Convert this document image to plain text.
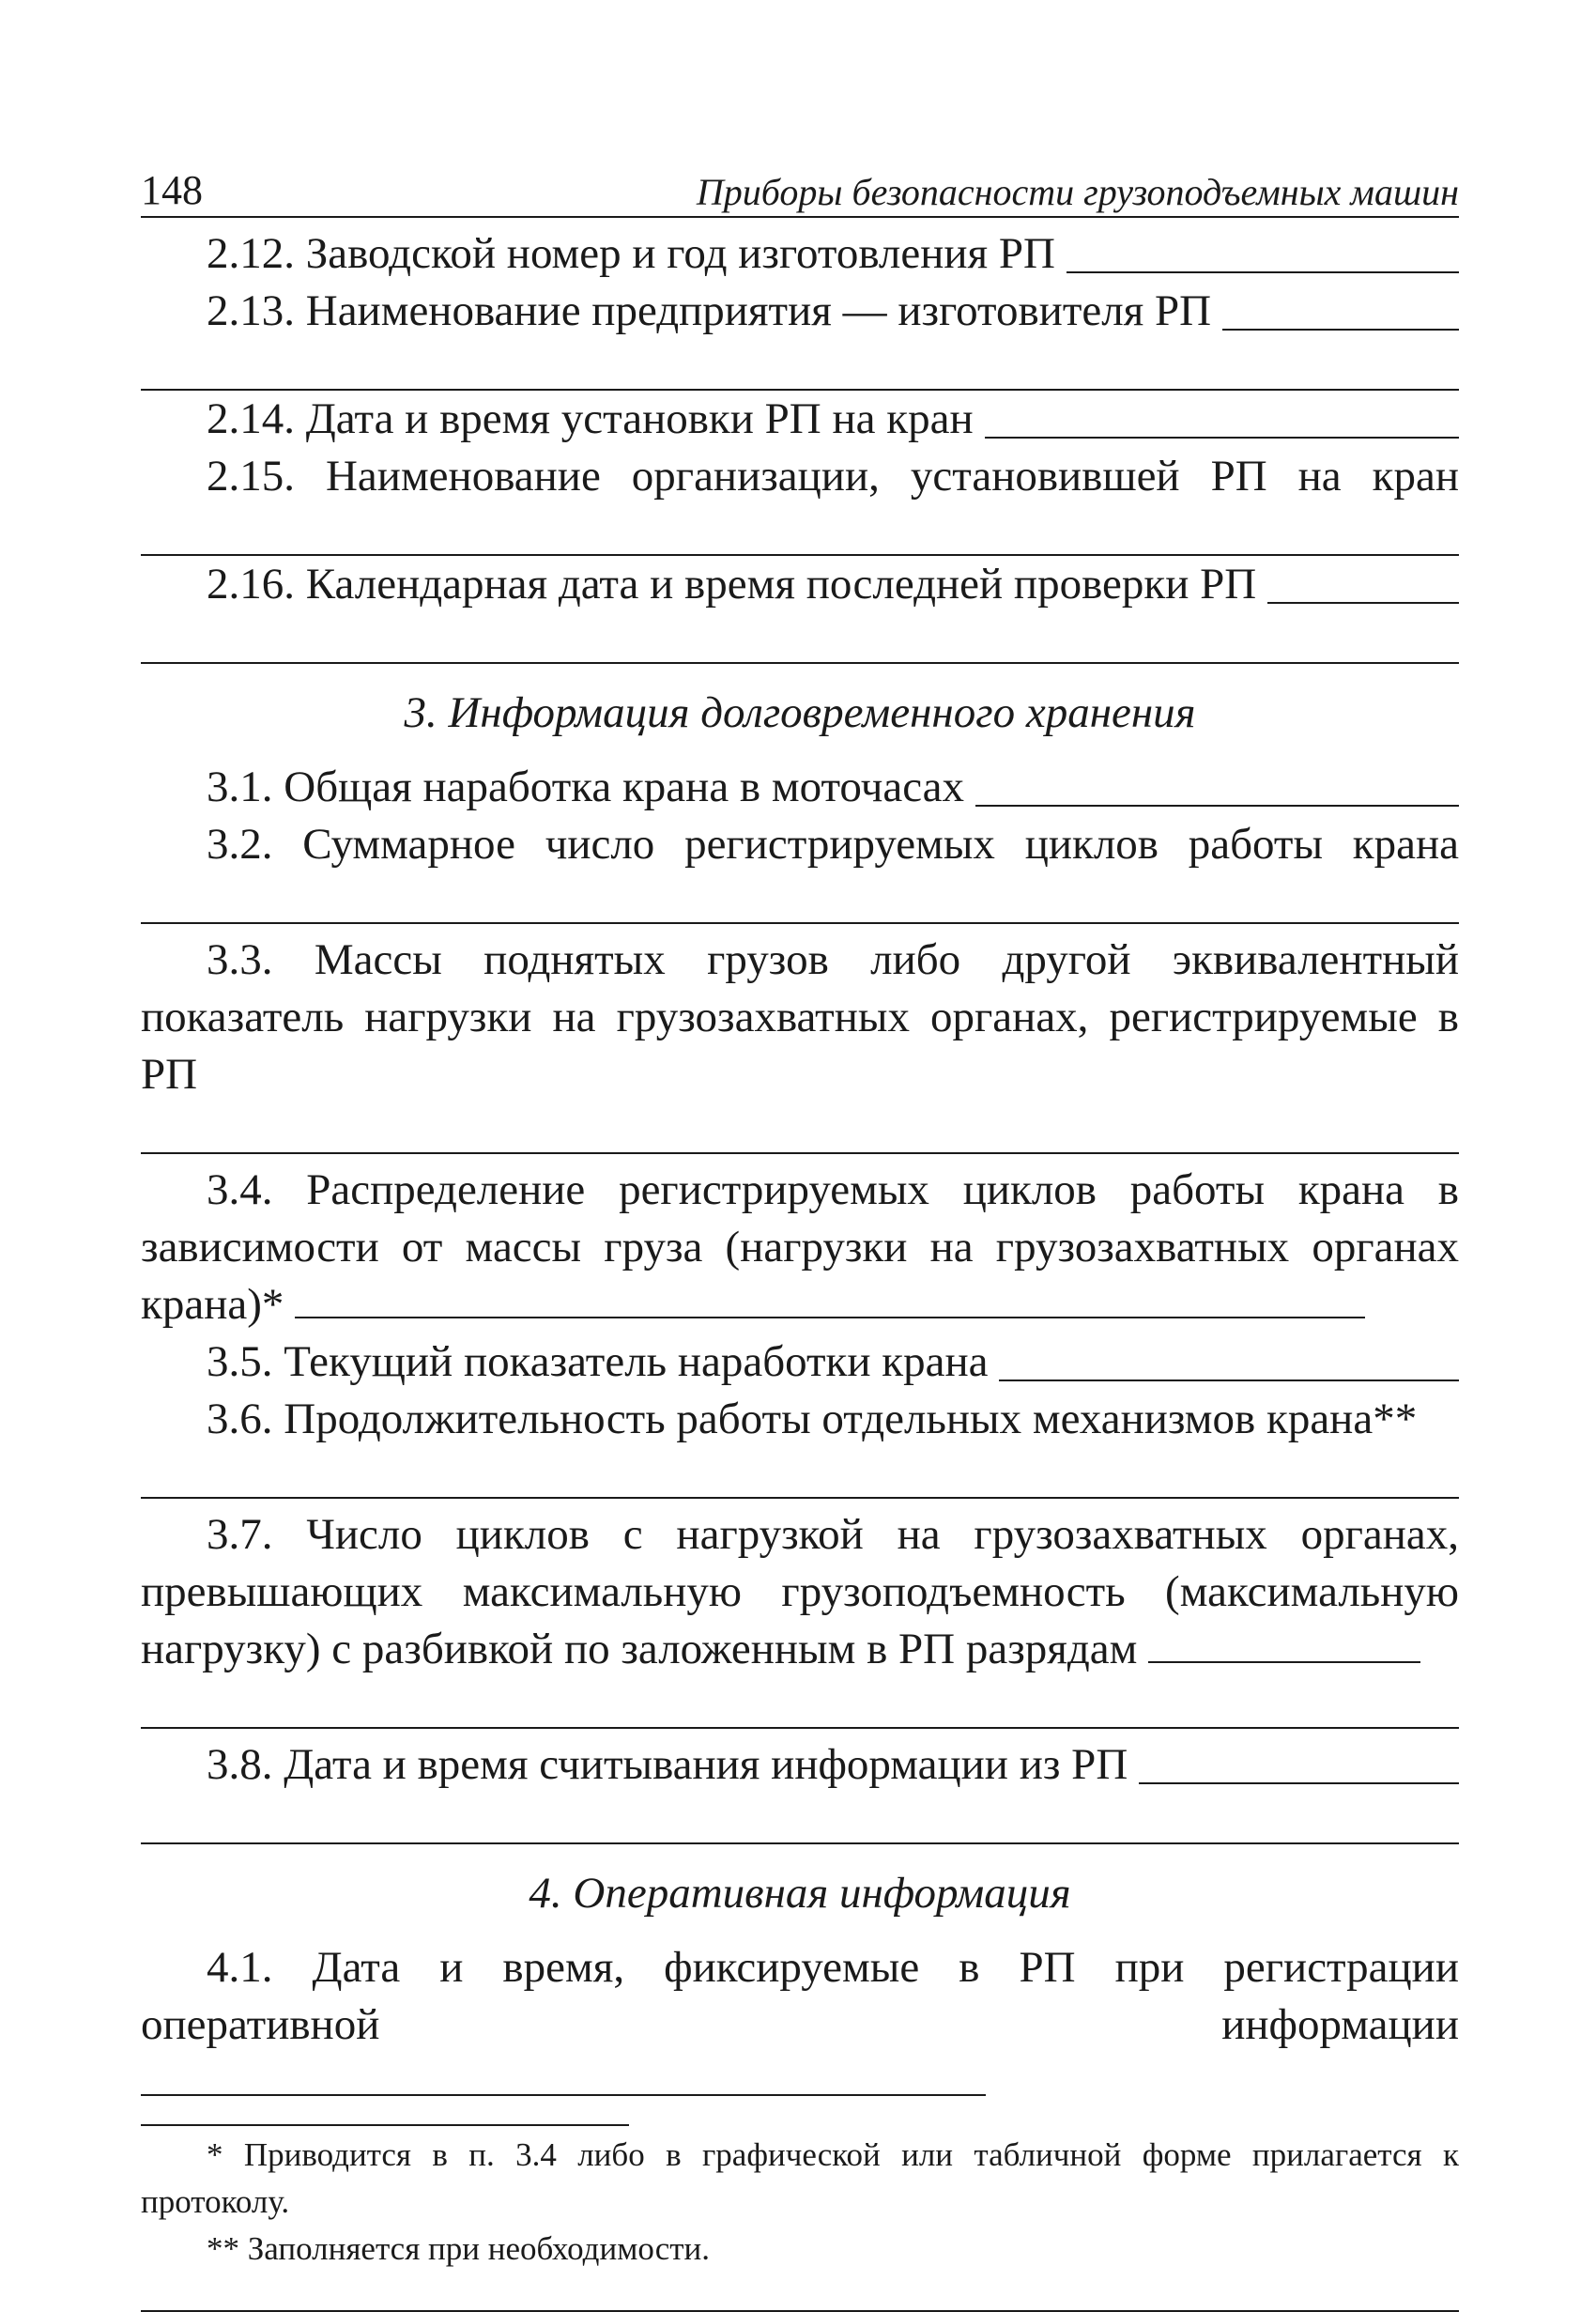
148	Приборы безопасности грузоподъемных машин
2.12. Заводской номер и год изготовления РП
2.13. Наименование предприятия — изготовителя РП
2.14. Дата и время установки РП на кран
2.15. Наименование организации, установившей РП на кран
2.16. Календарная дата и время последней проверки РП
3. Информация долговременного хранения
3.1. Общая наработка крана в моточасах
3.2. Суммарное число регистрируемых циклов работы крана
3.3. Массы поднятых грузов либо другой эквивалентный показатель нагрузки на грузозахватных органах, регистрируемые в РП
3.4. Распределение регистрируемых циклов работы крана в зависимости от массы груза (нагрузки на грузозахватных органах крана)*
3.5. Текущий показатель наработки крана
3.6. Продолжительность работы отдельных механизмов крана**
3.7. Число циклов с нагрузкой на грузозахватных органах, превышающих максимальную грузоподъемность (максимальную нагрузку) с разбивкой по заложенным в РП разрядам
3.8. Дата и время считывания информации из РП
4. Оперативная информация
4.1. Дата и время, фиксируемые в РП при регистрации оперативной информации
* Приводится в п. 3.4 либо в графической или табличной форме прилагается к протоколу.
** Заполняется при необходимости.
